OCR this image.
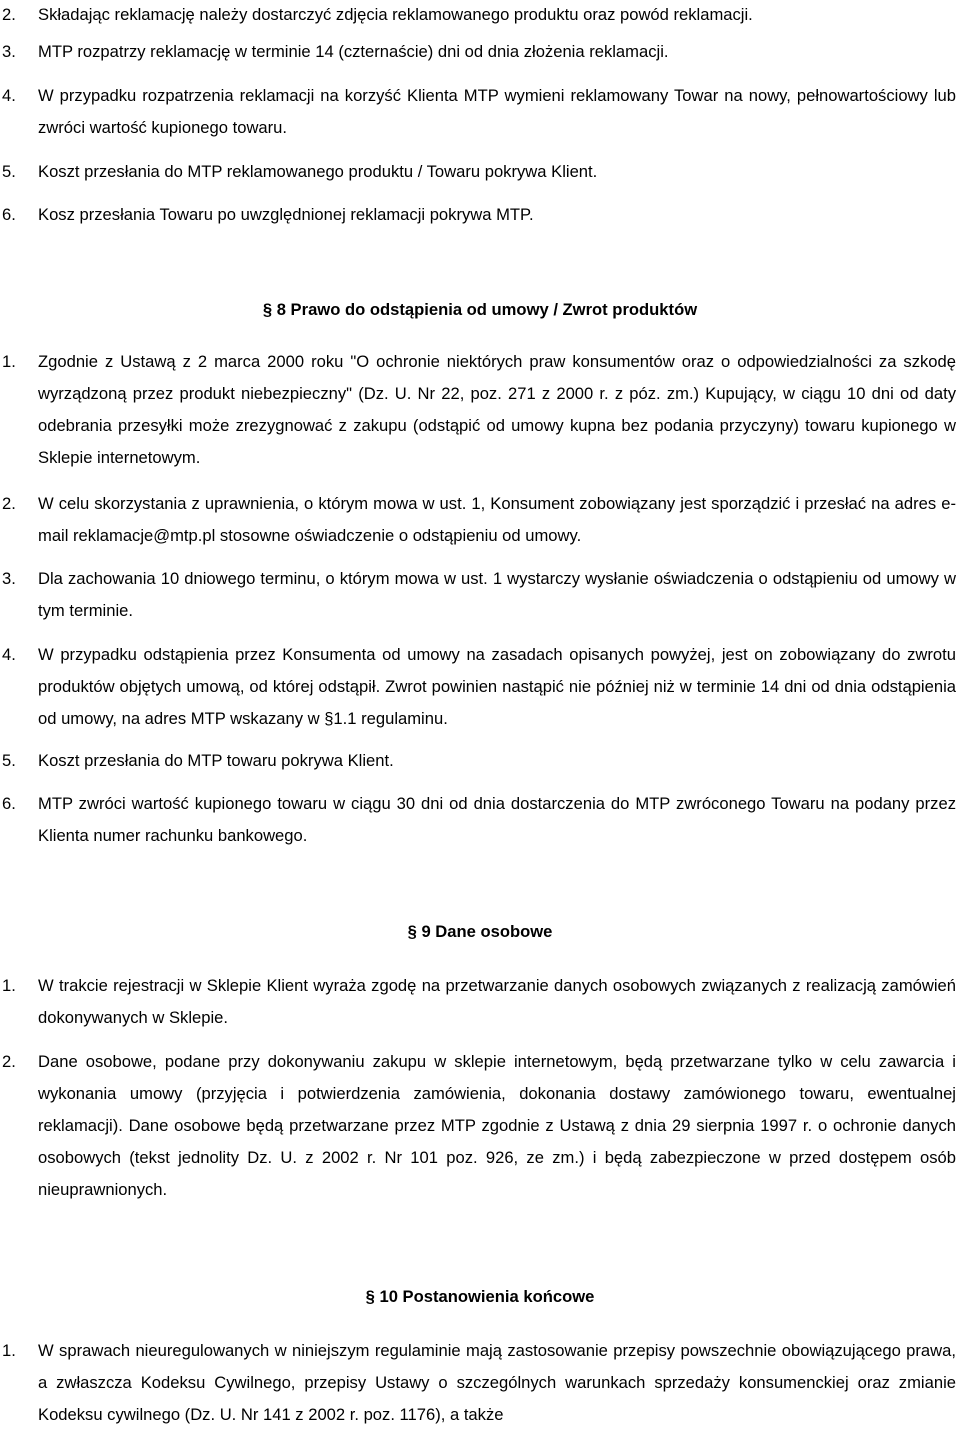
2. Składając reklamację należy dostarczyć zdjęcia reklamowanego produktu oraz powód reklamacji.
3. MTP rozpatrzy reklamację w terminie 14 (czternaście) dni od dnia złożenia reklamacji.
4. W przypadku rozpatrzenia reklamacji na korzyść Klienta MTP wymieni reklamowany Towar na nowy, pełnowartościowy lub zwróci wartość kupionego towaru.
5. Koszt przesłania do MTP reklamowanego produktu / Towaru pokrywa Klient.
6. Kosz przesłania Towaru po uwzględnionej reklamacji pokrywa MTP.
§ 8 Prawo do odstąpienia od umowy / Zwrot produktów
1. Zgodnie z Ustawą z 2 marca 2000 roku "O ochronie niektórych praw konsumentów oraz o odpowiedzialności za szkodę wyrządzoną przez produkt niebezpieczny" (Dz. U. Nr 22, poz. 271 z 2000 r. z póz. zm.) Kupujący, w ciągu 10 dni od daty odebrania przesyłki może zrezygnować z zakupu (odstąpić od umowy kupna bez podania przyczyny) towaru kupionego w Sklepie internetowym.
2. W celu skorzystania z uprawnienia, o którym mowa w ust. 1, Konsument zobowiązany jest sporządzić i przesłać na adres e-mail reklamacje@mtp.pl stosowne oświadczenie o odstąpieniu od umowy.
3. Dla zachowania 10 dniowego terminu, o którym mowa w ust. 1 wystarczy wysłanie oświadczenia o odstąpieniu od umowy w tym terminie.
4. W przypadku odstąpienia przez Konsumenta od umowy na zasadach opisanych powyżej, jest on zobowiązany do zwrotu produktów objętych umową, od której odstąpił. Zwrot powinien nastąpić nie później niż w terminie 14 dni od dnia odstąpienia od umowy, na adres MTP wskazany w §1.1 regulaminu.
5. Koszt przesłania do MTP towaru pokrywa Klient.
6. MTP zwróci wartość kupionego towaru w ciągu 30 dni od dnia dostarczenia do MTP zwróconego Towaru na podany przez Klienta numer rachunku bankowego.
§ 9 Dane osobowe
1. W trakcie rejestracji w Sklepie Klient wyraża zgodę na przetwarzanie danych osobowych związanych z realizacją zamówień dokonywanych w Sklepie.
2. Dane osobowe, podane przy dokonywaniu zakupu w sklepie internetowym, będą przetwarzane tylko w celu zawarcia i wykonania umowy (przyjęcia i potwierdzenia zamówienia, dokonania dostawy zamówionego towaru, ewentualnej reklamacji). Dane osobowe będą przetwarzane przez MTP zgodnie z Ustawą z dnia 29 sierpnia 1997 r. o ochronie danych osobowych (tekst jednolity Dz. U. z 2002 r. Nr 101 poz. 926, ze zm.) i będą zabezpieczone w przed dostępem osób nieuprawnionych.
§ 10 Postanowienia końcowe
1. W sprawach nieuregulowanych w niniejszym regulaminie mają zastosowanie przepisy powszechnie obowiązującego prawa, a zwłaszcza Kodeksu Cywilnego, przepisy Ustawy o szczególnych warunkach sprzedaży konsumenckiej oraz zmianie Kodeksu cywilnego (Dz. U. Nr 141 z 2002 r. poz. 1176), a także
